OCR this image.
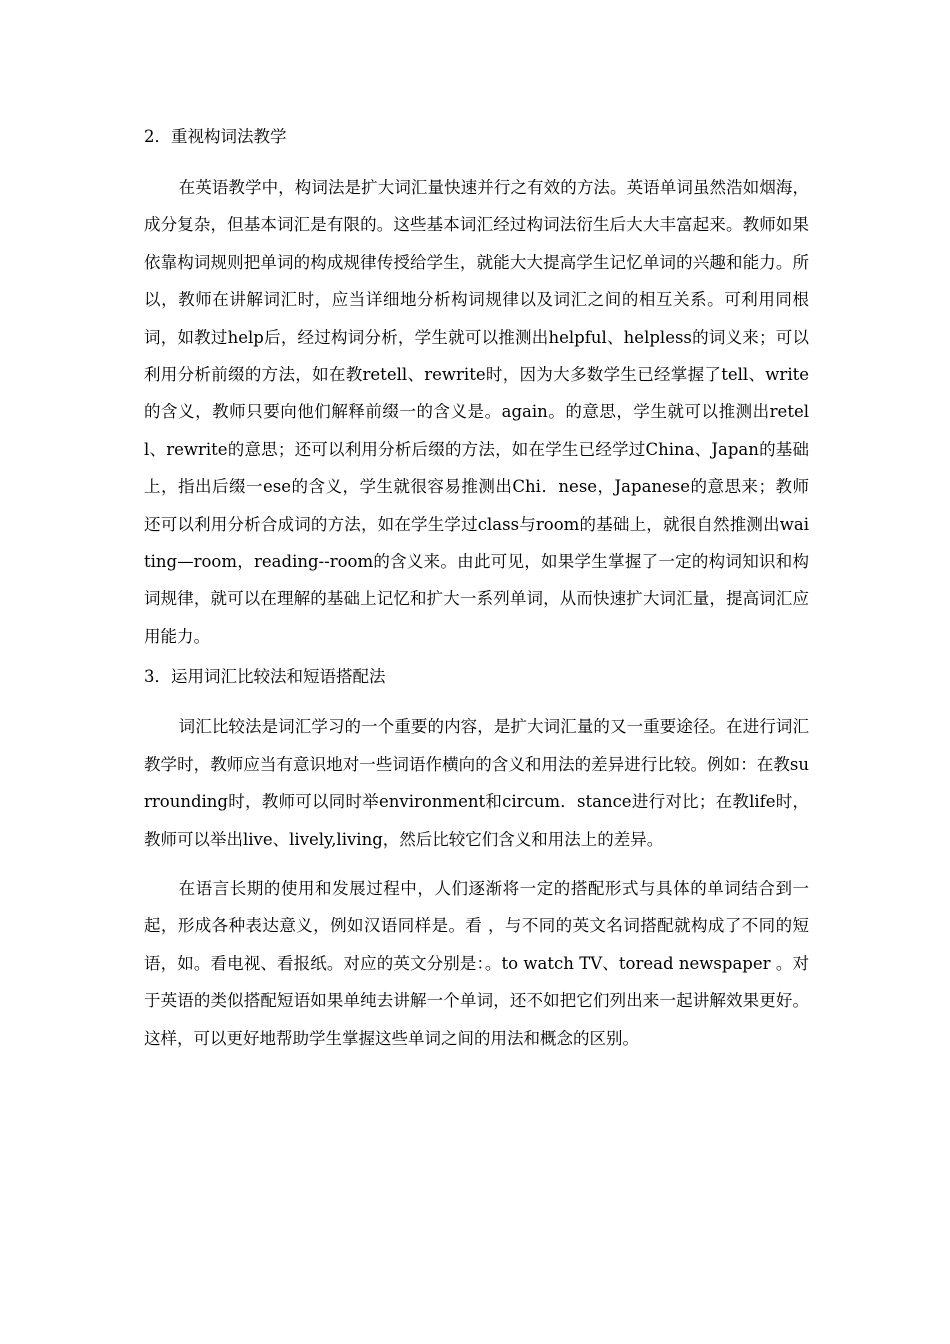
2．重视构词法教学

在英语教学中，构词法是扩大词汇量快速并行之有效的方法。英语单词虽然浩如烟海，成分复杂，但基本词汇是有限的。这些基本词汇经过构词法衍生后大大丰富起来。教师如果依靠构词规则把单词的构成规律传授给学生，就能大大提高学生记忆单词的兴趣和能力。所以，教师在讲解词汇时，应当详细地分析构词规律以及词汇之间的相互关系。可利用同根词，如教过help后，经过构词分析，学生就可以推测出helpful、helpless的词义来；可以利用分析前缀的方法，如在教retell、rewrite时，因为大多数学生已经掌握了tell、write的含义，教师只要向他们解释前缀一的含义是。again。的意思，学生就可以推测出retell、rewrite的意思；还可以利用分析后缀的方法，如在学生已经学过China、Japan的基础上，指出后缀一ese的含义，学生就很容易推测出Chi．nese，Japanese的意思来；教师还可以利用分析合成词的方法，如在学生学过class与room的基础上，就很自然推测出waiting—room，reading--room的含义来。由此可见，如果学生掌握了一定的构词知识和构词规律，就可以在理解的基础上记忆和扩大一系列单词，从而快速扩大词汇量，提高词汇应用能力。

3．运用词汇比较法和短语搭配法

词汇比较法是词汇学习的一个重要的内容，是扩大词汇量的又一重要途径。在进行词汇教学时，教师应当有意识地对一些词语作横向的含义和用法的差异进行比较。例如：在教surrounding时，教师可以同时举environment和circum．stance进行对比；在教life时，教师可以举出live、lively,living，然后比较它们含义和用法上的差异。

在语言长期的使用和发展过程中，人们逐渐将一定的搭配形式与具体的单词结合到一起，形成各种表达意义，例如汉语同样是。看 ，与不同的英文名词搭配就构成了不同的短语，如。看电视、看报纸。对应的英文分别是：。to watch TV、toread newspaper 。对于英语的类似搭配短语如果单纯去讲解一个单词，还不如把它们列出来一起讲解效果更好。这样，可以更好地帮助学生掌握这些单词之间的用法和概念的区别。
